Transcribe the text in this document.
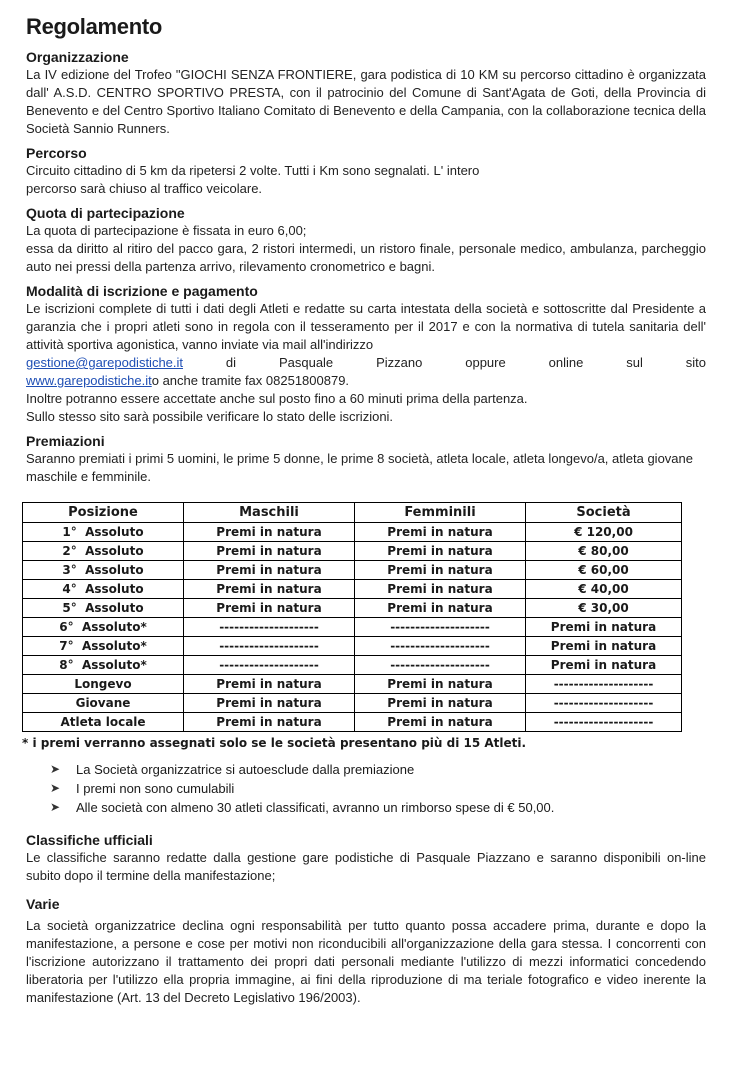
Regolamento
Organizzazione

La IV edizione del Trofeo "GIOCHI SENZA FRONTIERE, gara podistica di 10 KM su percorso cittadino è organizzata dall' A.S.D. CENTRO SPORTIVO PRESTA, con il patrocinio del Comune di Sant'Agata de Goti, della Provincia di Benevento e del Centro Sportivo Italiano Comitato di Benevento e della Campania, con la collaborazione tecnica della Società Sannio Runners.

Percorso

Circuito cittadino di 5 km da ripetersi 2 volte. Tutti i Km sono segnalati. L' intero

percorso sarà chiuso al traffico veicolare.

Quota di partecipazione

La quota di partecipazione è fissata in euro 6,00;

essa da diritto al ritiro del pacco gara, 2 ristori intermedi, un ristoro finale, personale medico, ambulanza, parcheggio auto nei pressi della partenza arrivo, rilevamento cronometrico e bagni.

Modalità di iscrizione e pagamento

Le iscrizioni complete di tutti i dati degli Atleti e redatte su carta intestata della società e sottoscritte dal Presidente a garanzia che i propri atleti sono in regola con il tesseramento per il 2017 e con la normativa di tutela sanitaria dell' attività sportiva agonistica, vanno inviate via mail all'indirizzo

gestione@garepodistiche.it	di	Pasquale	Pizzano	oppure	online	sul	sito

www.garepodistiche.ito anche tramite fax 08251800879.

Inoltre potranno essere accettate anche sul posto fino a 60 minuti prima della partenza.

Sullo stesso sito sarà possibile verificare lo stato delle iscrizioni.

Premiazioni

Saranno premiati i primi 5 uomini, le prime 5 donne, le prime 8 società, atleta locale, atleta longevo/a, atleta giovane maschile e femminile.

Posizione	Maschili	Femminili	Società
1°  Assoluto	Premi in natura	Premi in natura	€ 120,00
2°  Assoluto	Premi in natura	Premi in natura	€ 80,00
3°  Assoluto	Premi in natura	Premi in natura	€ 60,00
4°  Assoluto	Premi in natura	Premi in natura	€ 40,00
5°  Assoluto	Premi in natura	Premi in natura	€ 30,00
6°  Assoluto*	--------------------	--------------------	Premi in natura
7°  Assoluto*	--------------------	--------------------	Premi in natura
8°  Assoluto*	--------------------	--------------------	Premi in natura
Longevo	Premi in natura	Premi in natura	--------------------
Giovane	Premi in natura	Premi in natura	--------------------
Atleta locale	Premi in natura	Premi in natura	--------------------
* i premi verranno assegnati solo se le società presentano più di 15 Atleti.
➤	La Società organizzatrice si autoesclude dalla premiazione
➤	I premi non sono cumulabili
➤	Alle società con almeno 30 atleti classificati, avranno un rimborso spese di € 50,00.
Classifiche ufficiali

Le classifiche saranno redatte dalla gestione gare podistiche di Pasquale Piazzano e saranno disponibili on-line subito dopo il termine della manifestazione;

Varie

La società organizzatrice declina ogni responsabilità per tutto quanto possa accadere prima, durante e dopo la manifestazione, a persone e cose per motivi non riconducibili all'organizzazione della gara stessa. I concorrenti con l'iscrizione autorizzano il trattamento dei propri dati personali mediante l'utilizzo di mezzi informatici concedendo liberatoria per l'utilizzo ella propria immagine, ai fini della riproduzione di ma teriale fotografico e video inerente la manifestazione (Art. 13 del Decreto Legislativo 196/2003).
